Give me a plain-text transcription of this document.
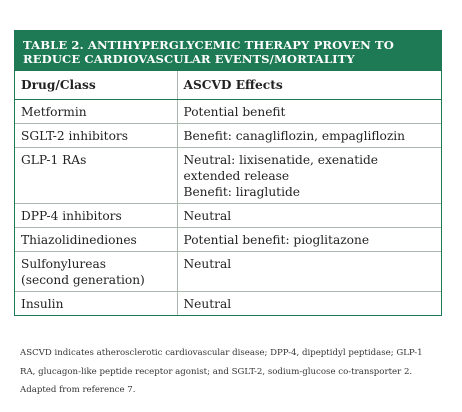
TABLE 2. ANTIHYPERGLYCEMIC THERAPY PROVEN TO
REDUCE CARDIOVASCULAR EVENTS/MORTALITY
Drug/Class	ASCVD Effects

Metformin	Potential benefit

SGLT-2 inhibitors	Benefit: canagliflozin, empagliflozin

GLP-1 RAs	Neutral: lixisenatide, exenatide
extended release
Benefit: liraglutide

DPP-4 inhibitors	Neutral

Thiazolidinediones	Potential benefit: pioglitazone

Sulfonylureas
(second generation)	Neutral

Insulin	Neutral
ASCVD indicates atherosclerotic cardiovascular disease; DPP-4, dipeptidyl peptidase; GLP-1
RA, glucagon-like peptide receptor agonist; and SGLT-2, sodium-glucose co-transporter 2.
Adapted from reference 7.
